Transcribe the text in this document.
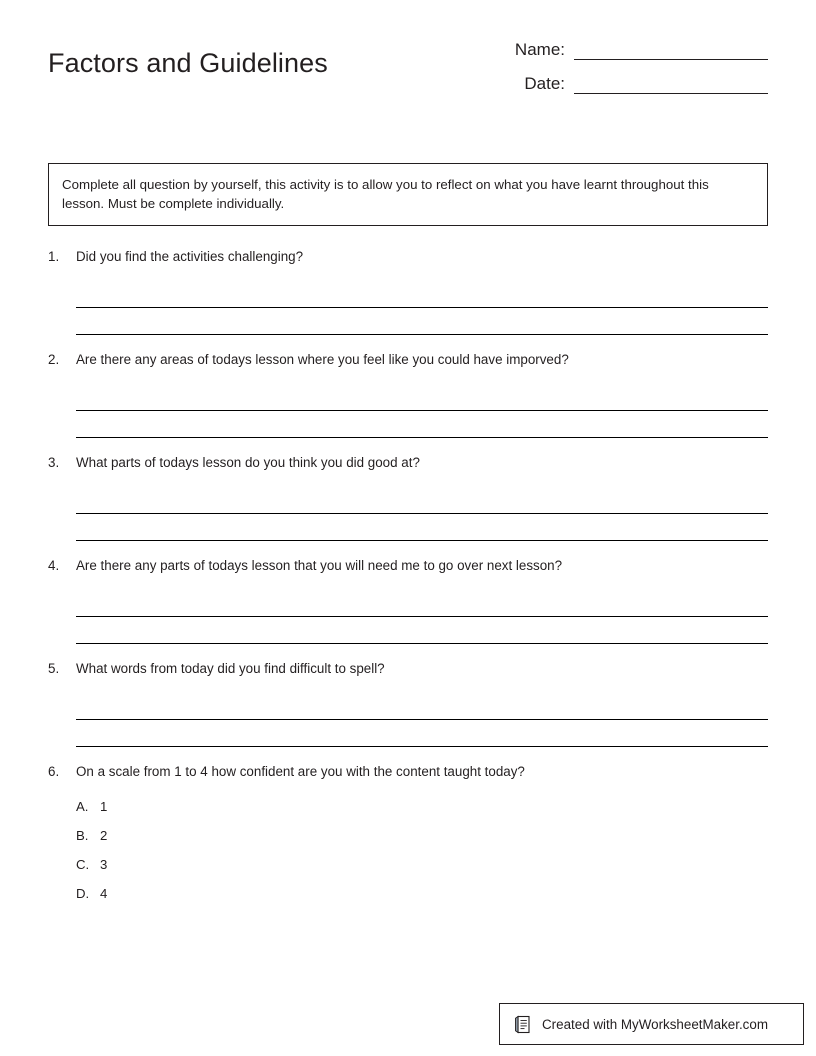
Factors and Guidelines	Name:
Date:
Complete all question by yourself, this activity is to allow you to reflect on what you have learnt throughout this lesson. Must be complete individually.
1.	Did you find the activities challenging?
2.	Are there any areas of todays lesson where you feel like you could have imporved?
3.	What parts of todays lesson do you think you did good at?
4.	Are there any parts of todays lesson that you will need me to go over next lesson?
5.	What words from today did you find difficult to spell?
6.	On a scale from 1 to 4 how confident are you with the content taught today?
A. 1
B. 2
C. 3
D. 4
Created with MyWorksheetMaker.com
